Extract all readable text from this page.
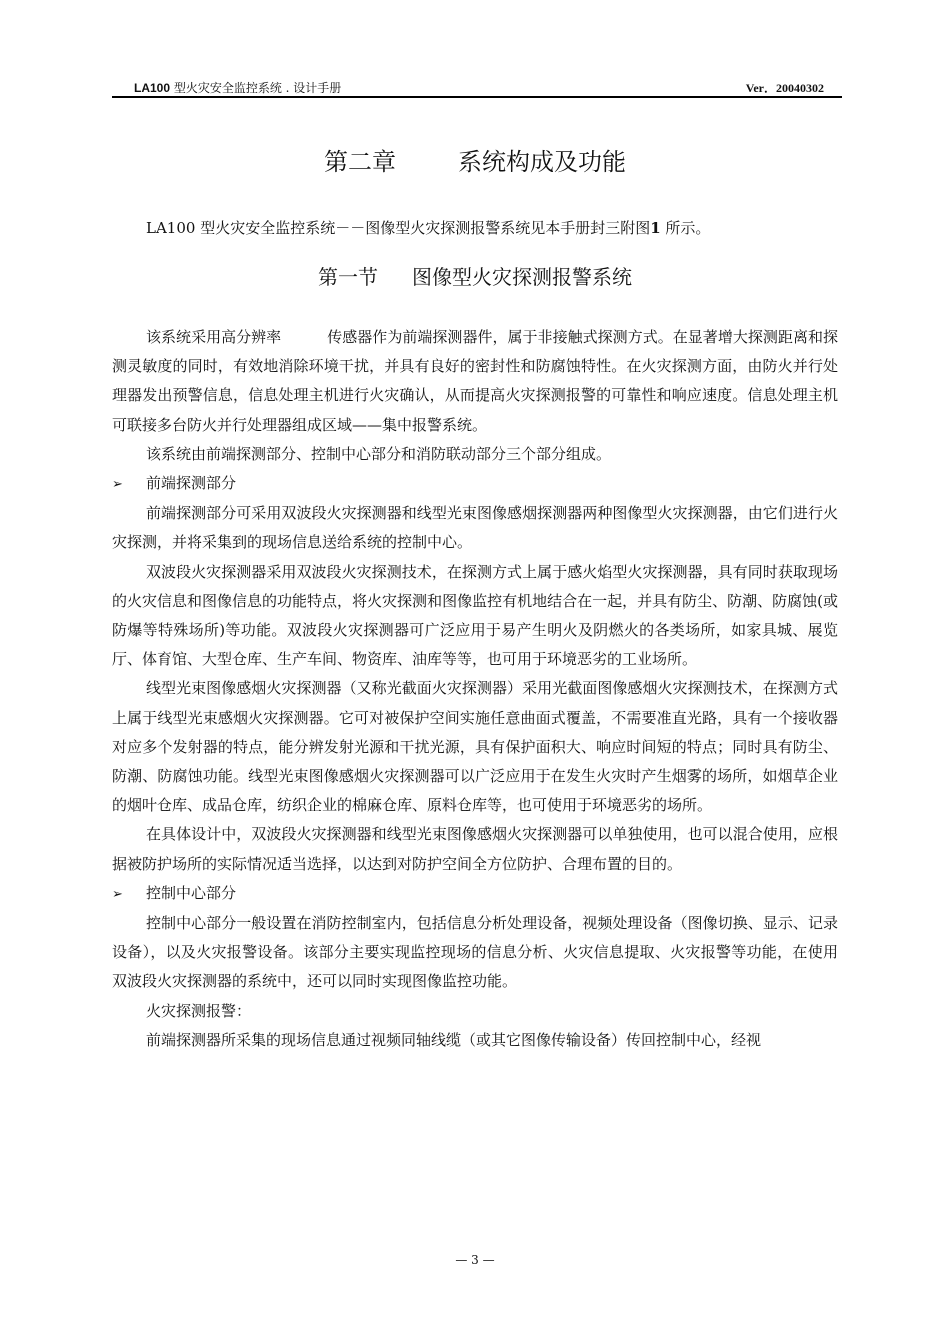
LA100 型火灾安全监控系统 . 设计手册	Ver．20040302
第二章	系统构成及功能
LA100 型火灾安全监控系统－－图像型火灾探测报警系统见本手册封三附图1 所示。
第一节 图像型火灾探测报警系统

该系统采用高分辨率	传感器作为前端探测器件，属于非接触式探测方式。在显著增大探测距离和探测灵敏度的同时，有效地消除环境干扰，并具有良好的密封性和防腐蚀特性。在火灾探测方面，由防火并行处理器发出预警信息，信息处理主机进行火灾确认，从而提高火灾探测报警的可靠性和响应速度。信息处理主机可联接多台防火并行处理器组成区域——集中报警系统。

该系统由前端探测部分、控制中心部分和消防联动部分三个部分组成。

➢ 前端探测部分

前端探测部分可采用双波段火灾探测器和线型光束图像感烟探测器两种图像型火灾探测器，由它们进行火灾探测，并将采集到的现场信息送给系统的控制中心。

双波段火灾探测器采用双波段火灾探测技术，在探测方式上属于感火焰型火灾探测器，具有同时获取现场的火灾信息和图像信息的功能特点，将火灾探测和图像监控有机地结合在一起，并具有防尘、防潮、防腐蚀(或防爆等特殊场所)等功能。双波段火灾探测器可广泛应用于易产生明火及阴燃火的各类场所，如家具城、展览厅、体育馆、大型仓库、生产车间、物资库、油库等等，也可用于环境恶劣的工业场所。

线型光束图像感烟火灾探测器（又称光截面火灾探测器）采用光截面图像感烟火灾探测技术，在探测方式上属于线型光束感烟火灾探测器。它可对被保护空间实施任意曲面式覆盖，不需要准直光路，具有一个接收器对应多个发射器的特点，能分辨发射光源和干扰光源，具有保护面积大、响应时间短的特点；同时具有防尘、防潮、防腐蚀功能。线型光束图像感烟火灾探测器可以广泛应用于在发生火灾时产生烟雾的场所，如烟草企业的烟叶仓库、成品仓库，纺织企业的棉麻仓库、原料仓库等，也可使用于环境恶劣的场所。

在具体设计中，双波段火灾探测器和线型光束图像感烟火灾探测器可以单独使用，也可以混合使用，应根据被防护场所的实际情况适当选择，以达到对防护空间全方位防护、合理布置的目的。

➢ 控制中心部分

控制中心部分一般设置在消防控制室内，包括信息分析处理设备，视频处理设备（图像切换、显示、记录设备），以及火灾报警设备。该部分主要实现监控现场的信息分析、火灾信息提取、火灾报警等功能，在使用双波段火灾探测器的系统中，还可以同时实现图像监控功能。

火灾探测报警：

前端探测器所采集的现场信息通过视频同轴线缆（或其它图像传输设备）传回控制中心，经视

— 3 —
